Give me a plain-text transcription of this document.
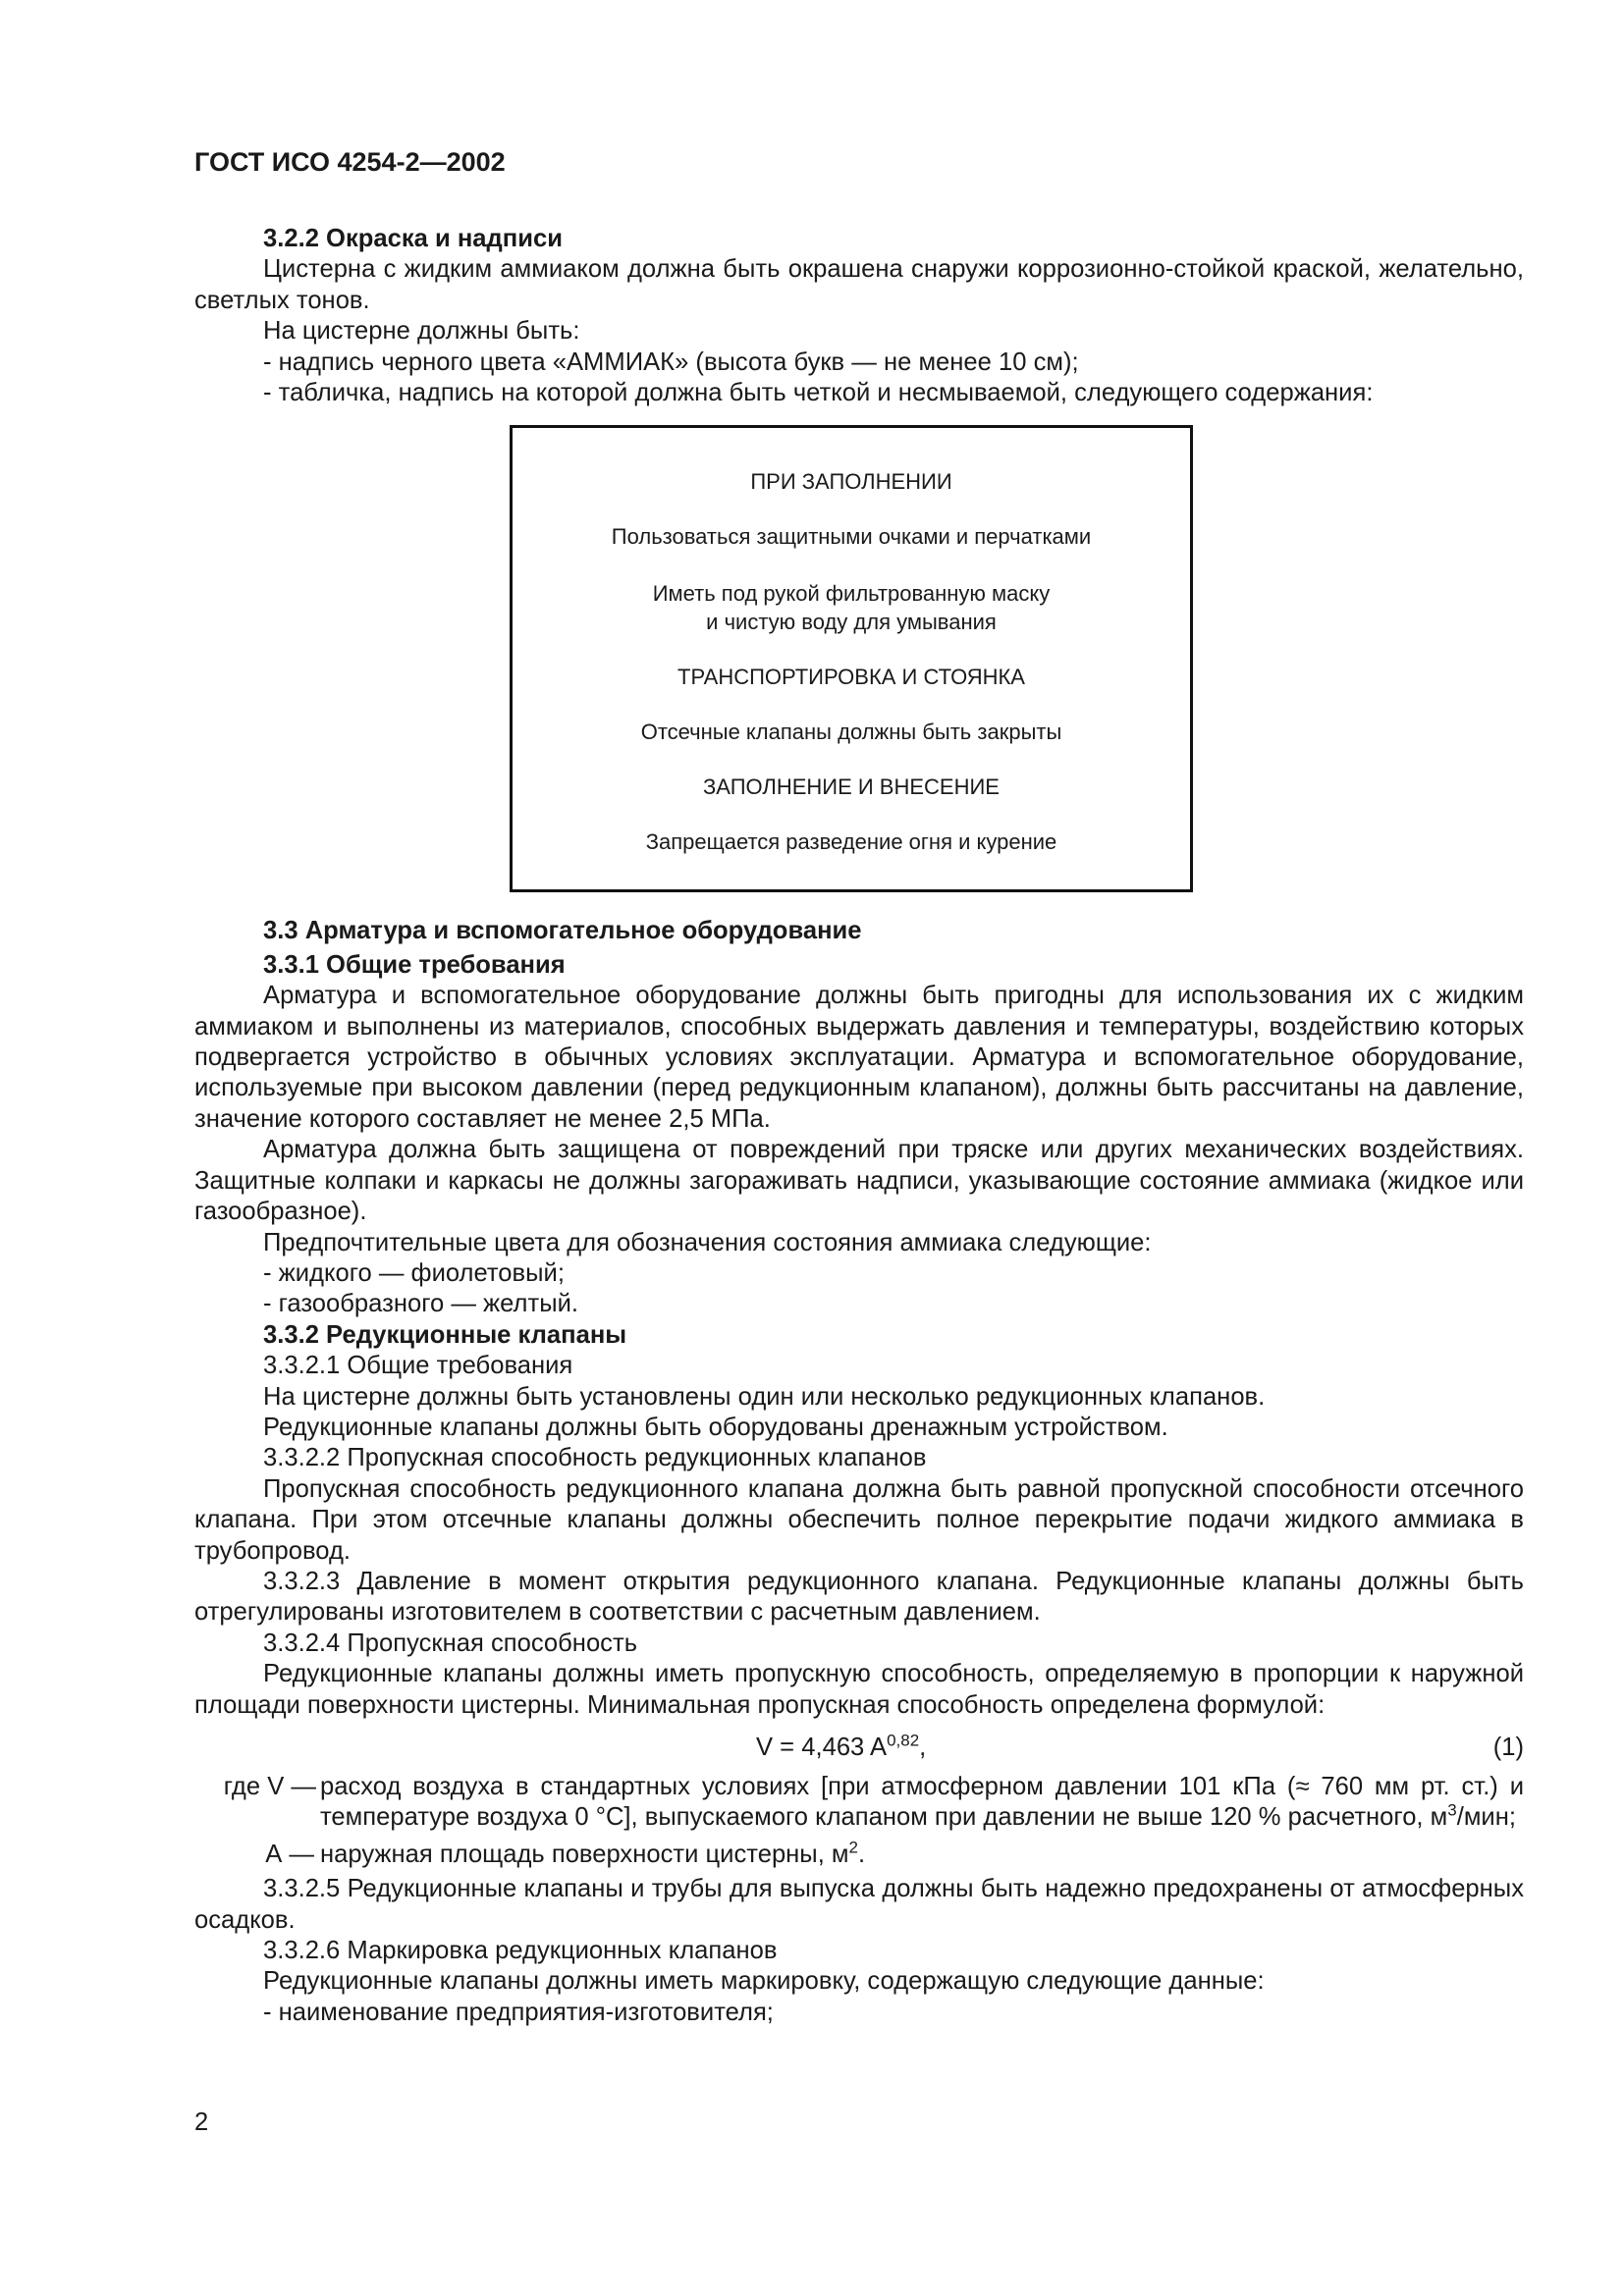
ГОСТ ИСО 4254-2—2002

3.2.2 Окраска и надписи

Цистерна с жидким аммиаком должна быть окрашена снаружи коррозионно-стойкой краской, желательно, светлых тонов.

На цистерне должны быть:

- надпись черного цвета «АММИАК» (высота букв — не менее 10 см);

- табличка, надпись на которой должна быть четкой и несмываемой, следующего содержания:

ПРИ ЗАПОЛНЕНИИ
Пользоваться защитными очками и перчатками
Иметь под рукой фильтрованную маску
и чистую воду для умывания
ТРАНСПОРТИРОВКА И СТОЯНКА
Отсечные клапаны должны быть закрыты
ЗАПОЛНЕНИЕ И ВНЕСЕНИЕ
Запрещается разведение огня и курение

3.3 Арматура и вспомогательное оборудование

3.3.1 Общие требования

Арматура и вспомогательное оборудование должны быть пригодны для использования их с жидким аммиаком и выполнены из материалов, способных выдержать давления и температуры, воздействию которых подвергается устройство в обычных условиях эксплуатации. Арматура и вспомогательное оборудование, используемые при высоком давлении (перед редукционным клапаном), должны быть рассчитаны на давление, значение которого составляет не менее 2,5 МПа.

Арматура должна быть защищена от повреждений при тряске или других механических воздействиях. Защитные колпаки и каркасы не должны загораживать надписи, указывающие состояние аммиака (жидкое или газообразное).

Предпочтительные цвета для обозначения состояния аммиака следующие:

- жидкого — фиолетовый;

- газообразного — желтый.

3.3.2 Редукционные клапаны

3.3.2.1 Общие требования

На цистерне должны быть установлены один или несколько редукционных клапанов.

Редукционные клапаны должны быть оборудованы дренажным устройством.

3.3.2.2 Пропускная способность редукционных клапанов

Пропускная способность редукционного клапана должна быть равной пропускной способности отсечного клапана. При этом отсечные клапаны должны обеспечить полное перекрытие подачи жидкого аммиака в трубопровод.

3.3.2.3 Давление в момент открытия редукционного клапана. Редукционные клапаны должны быть отрегулированы изготовителем в соответствии с расчетным давлением.

3.3.2.4 Пропускная способность

Редукционные клапаны должны иметь пропускную способность, определяемую в пропорции к наружной площади поверхности цистерны. Минимальная пропускная способность определена формулой:

V = 4,463 A$^{0,82}$,	(1)
где V — расход воздуха в стандартных условиях [при атмосферном давлении 101 кПа (≈ 760 мм рт. ст.) и температуре воздуха 0 °С], выпускаемого клапаном при давлении не выше 120 % расчетного, $м^3$/мин;
А — наружная площадь поверхности цистерны, $м^2$.

3.3.2.5 Редукционные клапаны и трубы для выпуска должны быть надежно предохранены от атмосферных осадков.

3.3.2.6 Маркировка редукционных клапанов

Редукционные клапаны должны иметь маркировку, содержащую следующие данные:

- наименование предприятия-изготовителя;

2
